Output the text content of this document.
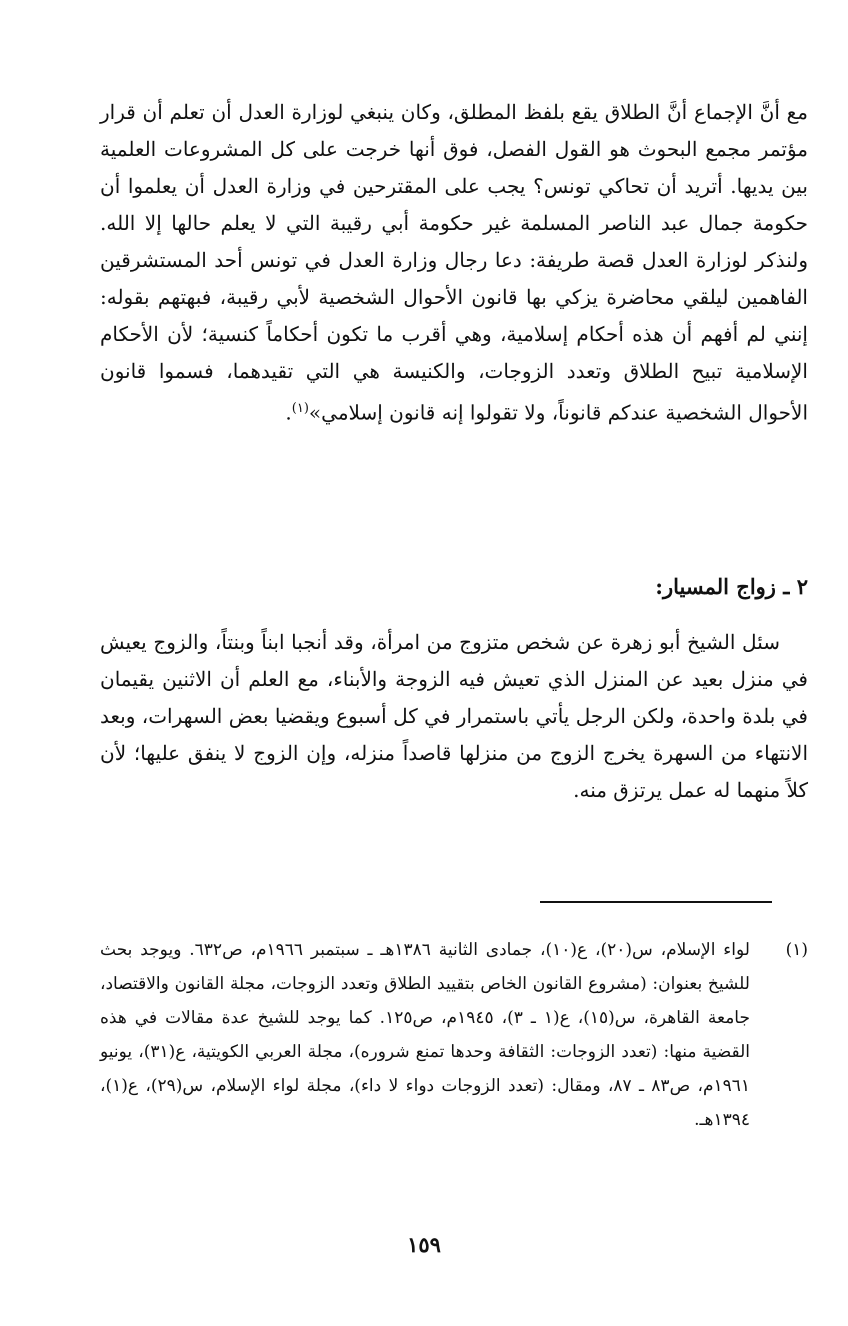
مع أنَّ الإجماع أنَّ الطلاق يقع بلفظ المطلق، وكان ينبغي لوزارة العدل أن تعلم أن قرار مؤتمر مجمع البحوث هو القول الفصل، فوق أنها خرجت على كل المشروعات العلمية بين يديها. أتريد أن تحاكي تونس؟ يجب على المقترحين في وزارة العدل أن يعلموا أن حكومة جمال عبد الناصر المسلمة غير حكومة أبي رقيبة التي لا يعلم حالها إلا الله. ولنذكر لوزارة العدل قصة طريفة: دعا رجال وزارة العدل في تونس أحد المستشرقين الفاهمين ليلقي محاضرة يزكي بها قانون الأحوال الشخصية لأبي رقيبة، فبهتهم بقوله: إنني لم أفهم أن هذه أحكام إسلامية، وهي أقرب ما تكون أحكاماً كنسية؛ لأن الأحكام الإسلامية تبيح الطلاق وتعدد الزوجات، والكنيسة هي التي تقيدهما، فسموا قانون الأحوال الشخصية عندكم قانوناً، ولا تقولوا إنه قانون إسلامي»$^{(١)}$.
٢ ـ زواج المسيار:
سئل الشيخ أبو زهرة عن شخص متزوج من امرأة، وقد أنجبا ابناً وبنتاً، والزوج يعيش في منزل بعيد عن المنزل الذي تعيش فيه الزوجة والأبناء، مع العلم أن الاثنين يقيمان في بلدة واحدة، ولكن الرجل يأتي باستمرار في كل أسبوع ويقضيا بعض السهرات، وبعد الانتهاء من السهرة يخرج الزوج من منزلها قاصداً منزله، وإن الزوج لا ينفق عليها؛ لأن كلاً منهما له عمل يرتزق منه.
(١)

لواء الإسلام، س(٢٠)، ع(١٠)، جمادى الثانية ١٣٨٦هـ ـ سبتمبر ١٩٦٦م، ص٦٣٢. ويوجد بحث للشيخ بعنوان: (مشروع القانون الخاص بتقييد الطلاق وتعدد الزوجات، مجلة القانون والاقتصاد، جامعة القاهرة، س(١٥)، ع(١ ـ ٣)، ١٩٤٥م، ص١٢٥. كما يوجد للشيخ عدة مقالات في هذه القضية منها: (تعدد الزوجات: الثقافة وحدها تمنع شروره)، مجلة العربي الكويتية، ع(٣١)، يونيو ١٩٦١م، ص٨٣ ـ ٨٧، ومقال: (تعدد الزوجات دواء لا داء)، مجلة لواء الإسلام، س(٢٩)، ع(١)، ١٣٩٤هـ.

١٥٩
